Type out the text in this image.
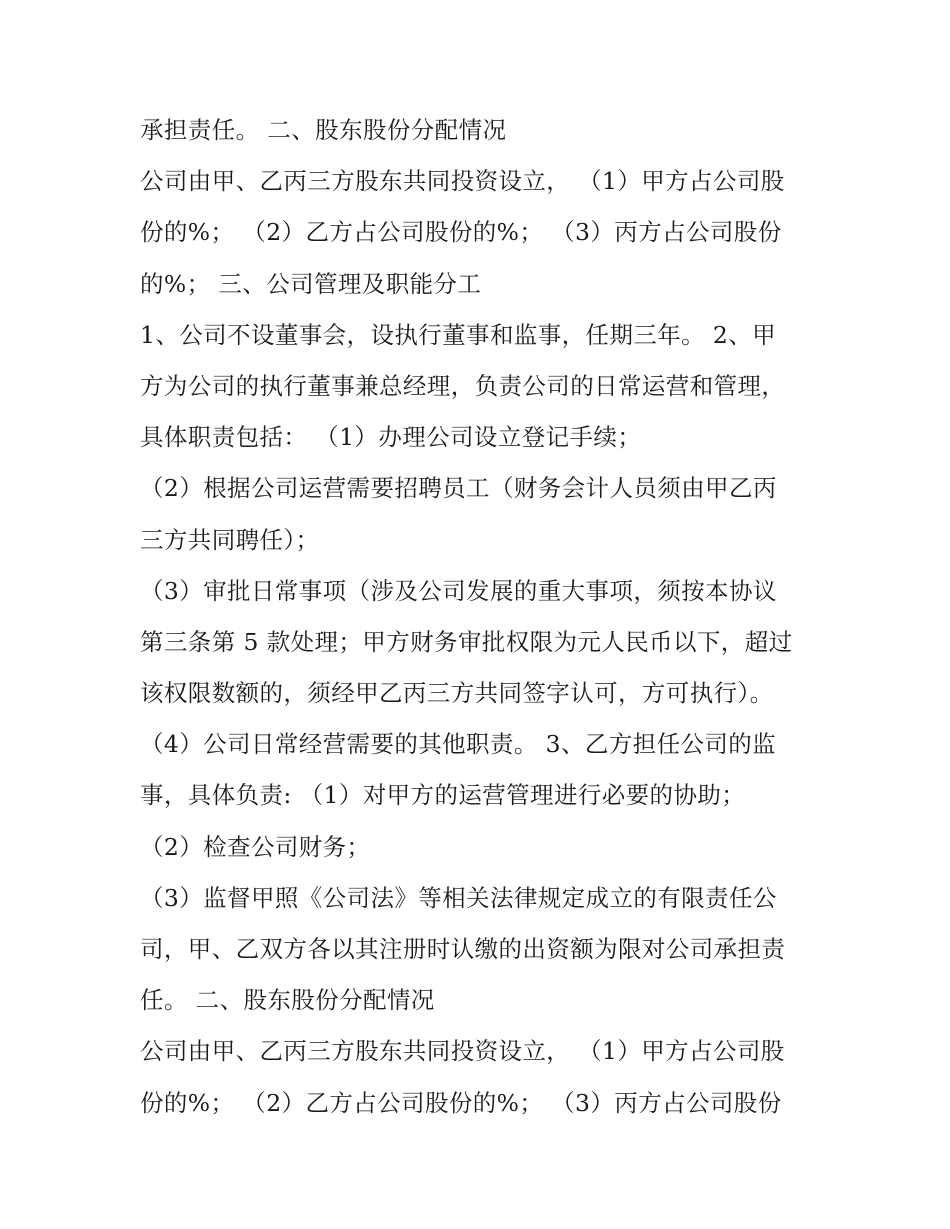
承担责任。 二、股东股份分配情况
公司由甲、乙丙三方股东共同投资设立， （1）甲方占公司股
份的%； （2）乙方占公司股份的%； （3）丙方占公司股份
的%； 三、公司管理及职能分工
1、公司不设董事会，设执行董事和监事，任期三年。 2、甲
方为公司的执行董事兼总经理，负责公司的日常运营和管理，
具体职责包括： （1）办理公司设立登记手续；
（2）根据公司运营需要招聘员工（财务会计人员须由甲乙丙
三方共同聘任）；
（3）审批日常事项（涉及公司发展的重大事项，须按本协议
第三条第 5 款处理；甲方财务审批权限为元人民币以下，超过
该权限数额的，须经甲乙丙三方共同签字认可，方可执行）。
（4）公司日常经营需要的其他职责。 3、乙方担任公司的监
事，具体负责: （1）对甲方的运营管理进行必要的协助；
（2）检查公司财务；
（3）监督甲照《公司法》等相关法律规定成立的有限责任公
司，甲、乙双方各以其注册时认缴的出资额为限对公司承担责
任。 二、股东股份分配情况
公司由甲、乙丙三方股东共同投资设立， （1）甲方占公司股
份的%； （2）乙方占公司股份的%； （3）丙方占公司股份
